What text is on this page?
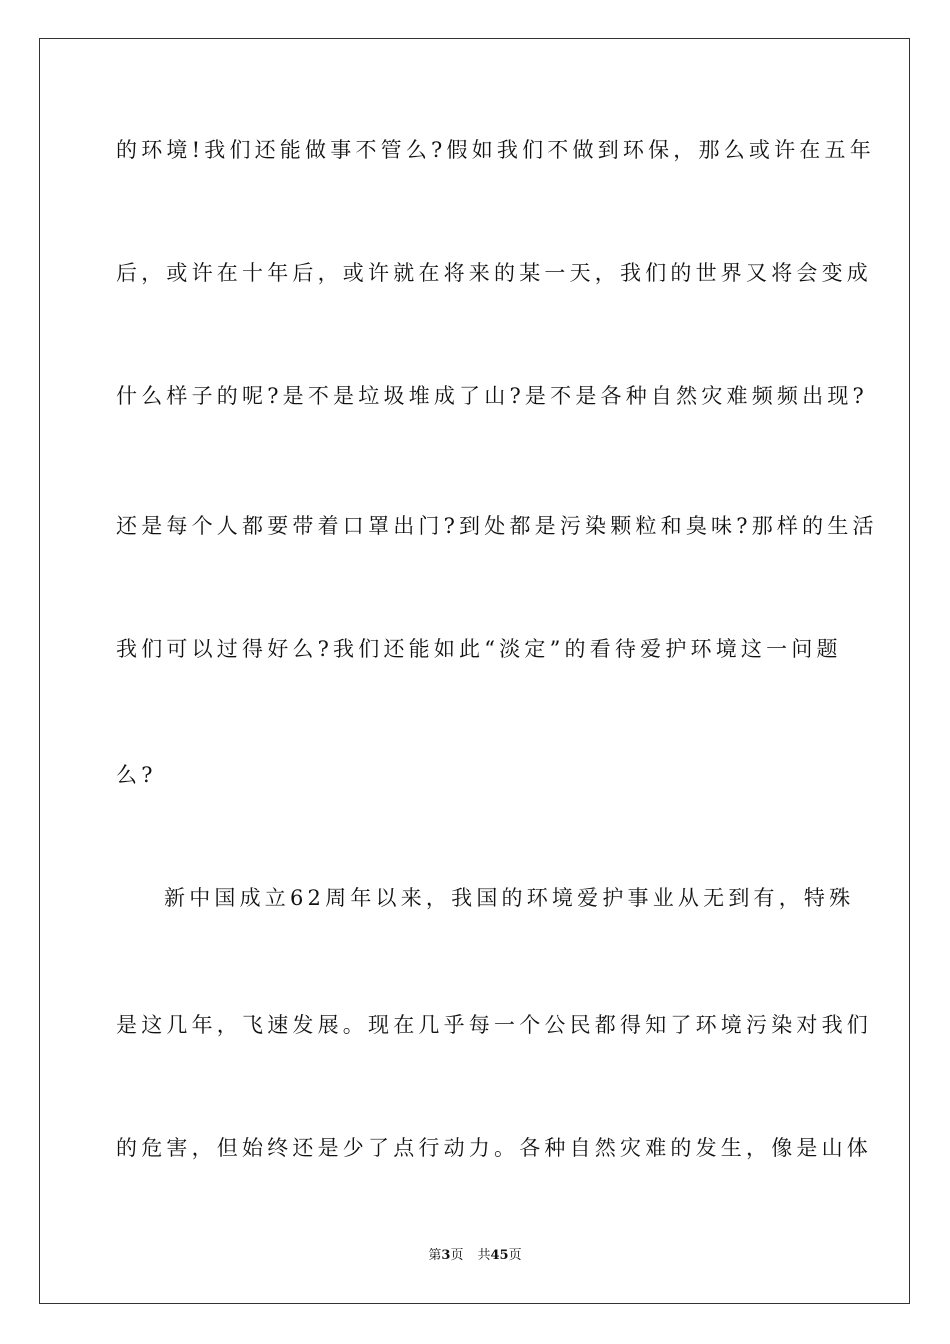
的环境!我们还能做事不管么?假如我们不做到环保，那么或许在五年
后，或许在十年后，或许就在将来的某一天，我们的世界又将会变成
什么样子的呢?是不是垃圾堆成了山?是不是各种自然灾难频频出现?
还是每个人都要带着口罩出门?到处都是污染颗粒和臭味?那样的生活
我们可以过得好么?我们还能如此“淡定”的看待爱护环境这一问题
么?
新中国成立62周年以来，我国的环境爱护事业从无到有，特殊
是这几年，飞速发展。现在几乎每一个公民都得知了环境污染对我们
的危害，但始终还是少了点行动力。各种自然灾难的发生，像是山体
第3页 共45页
